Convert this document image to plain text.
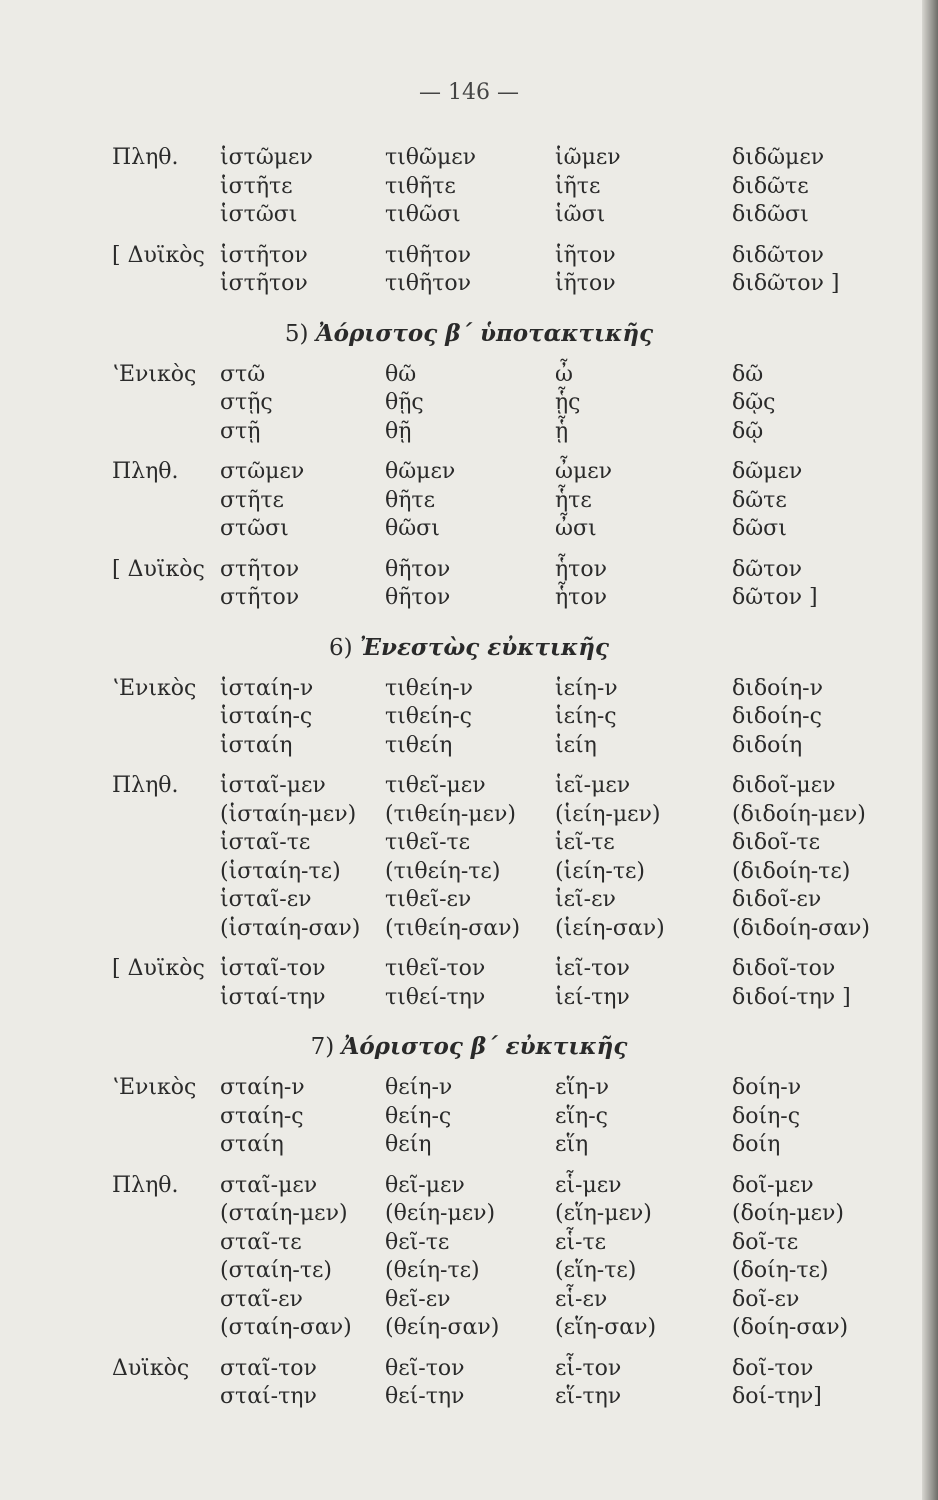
— 146 —
Πληθ. ἱστῶμεν	τιθῶμεν	ἱῶμεν	διδῶμεν
ἱστῆτε	τιθῆτε	ἱῆτε	διδῶτε
ἱστῶσι	τιθῶσι	ἱῶσι	διδῶσι
[ Δυϊκὸς ἱστῆτον	τιθῆτον	ἱῆτον	διδῶτον
ἱστῆτον	τιθῆτον	ἱῆτον	διδῶτον ]
5) Ἀόριστος β΄ ὑποτακτικῆς
ʽΕνικὸς στῶ	θῶ	ὦ	δῶ
στῇς	θῇς	ᾗς	δῷς
στῇ	θῇ	ᾗ	δῷ
Πληθ. στῶμεν	θῶμεν	ὦμεν	δῶμεν
στῆτε	θῆτε	ἧτε	δῶτε
στῶσι	θῶσι	ὦσι	δῶσι
[ Δυϊκὸς στῆτον	θῆτον	ἧτον	δῶτον
στῆτον	θῆτον	ἧτον	δῶτον ]
6) Ἐνεστὼς εὐκτικῆς
ʽΕνικὸς ἱσταίη-ν	τιθείη-ν	ἱείη-ν	διδοίη-ν
ἱσταίη-ς	τιθείη-ς	ἱείη-ς	διδοίη-ς
ἱσταίη	τιθείη	ἱείη	διδοίη
Πληθ. ἱσταῖ-μεν	τιθεῖ-μεν	ἱεῖ-μεν	διδοῖ-μεν
(ἱσταίη-μεν) (τιθείη-μεν) (ἱείη-μεν)	(διδοίη-μεν)
ἱσταῖ-τε	τιθεῖ-τε	ἱεῖ-τε	διδοῖ-τε
(ἱσταίη-τε) (τιθείη-τε) (ἱείη-τε)	(διδοίη-τε)
ἱσταῖ-εν	τιθεῖ-εν	ἱεῖ-εν	διδοῖ-εν
(ἱσταίη-σαν) (τιθείη-σαν) (ἱείη-σαν)	(διδοίη-σαν)
[ Δυϊκὸς ἱσταῖ-τον	τιθεῖ-τον	ἱεῖ-τον	διδοῖ-τον
ἱσταί-την	τιθεί-την	ἱεί-την	διδοί-την ]
7) Ἀόριστος β΄ εὐκτικῆς
ʽΕνικὸς σταίη-ν	θείη-ν	εἵη-ν	δοίη-ν
σταίη-ς	θείη-ς	εἵη-ς	δοίη-ς
σταίη	θείη	εἵη	δοίη
Πληθ. σταῖ-μεν	θεῖ-μεν	εἷ-μεν	δοῖ-μεν
(σταίη-μεν) (θείη-μεν)	(εἵη-μεν)	(δοίη-μεν)
σταῖ-τε	θεῖ-τε	εἷ-τε	δοῖ-τε
(σταίη-τε) (θείη-τε)	(εἵη-τε)	(δοίη-τε)
σταῖ-εν	θεῖ-εν	εἷ-εν	δοῖ-εν
(σταίη-σαν) (θείη-σαν)	(εἵη-σαν)	(δοίη-σαν)
Δυϊκὸς σταῖ-τον	θεῖ-τον	εἷ-τον	δοῖ-τον
σταί-την	θεί-την	εἵ-την	δοί-την]
